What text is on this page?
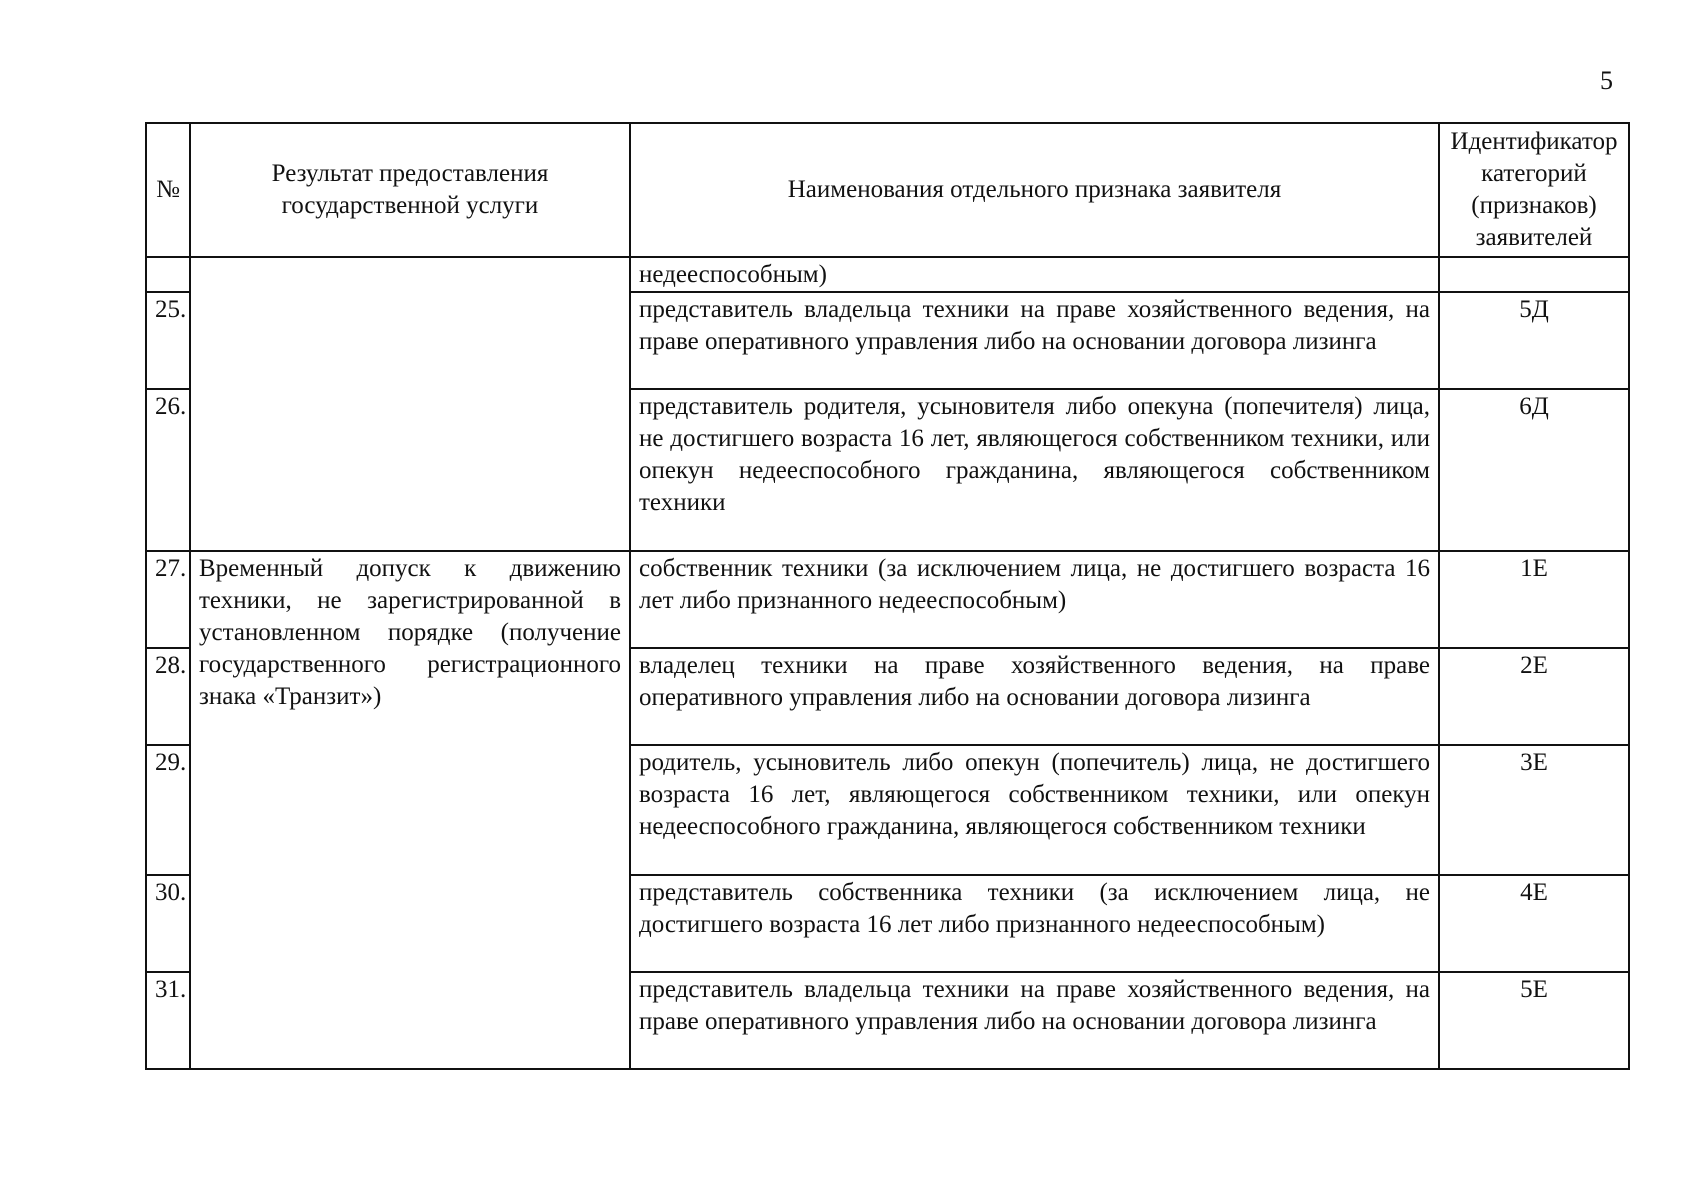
5
№	Результат предоставления государственной услуги	Наименования отдельного признака заявителя	Идентификатор категорий (признаков) заявителей
		недееспособным)	
25.		представитель владельца техники на праве хозяйственного ведения, на праве оперативного управления либо на основании договора лизинга	5Д
26.		представитель родителя, усыновителя либо опекуна (попечителя) лица, не достигшего возраста 16 лет, являющегося собственником техники, или опекун недееспособного гражданина, являющегося собственником техники	6Д
27.	Временный допуск к движению техники, не зарегистрированной в установленном порядке (получение государственного регистрационного знака «Транзит»)	собственник техники (за исключением лица, не достигшего возраста 16 лет либо признанного недееспособным)	1Е
28.		владелец техники на праве хозяйственного ведения, на праве оперативного управления либо на основании договора лизинга	2Е
29.		родитель, усыновитель либо опекун (попечитель) лица, не достигшего возраста 16 лет, являющегося собственником техники, или опекун недееспособного гражданина, являющегося собственником техники	3Е
30.		представитель собственника техники (за исключением лица, не достигшего возраста 16 лет либо признанного недееспособным)	4Е
31.		представитель владельца техники на праве хозяйственного ведения, на праве оперативного управления либо на основании договора лизинга	5Е
